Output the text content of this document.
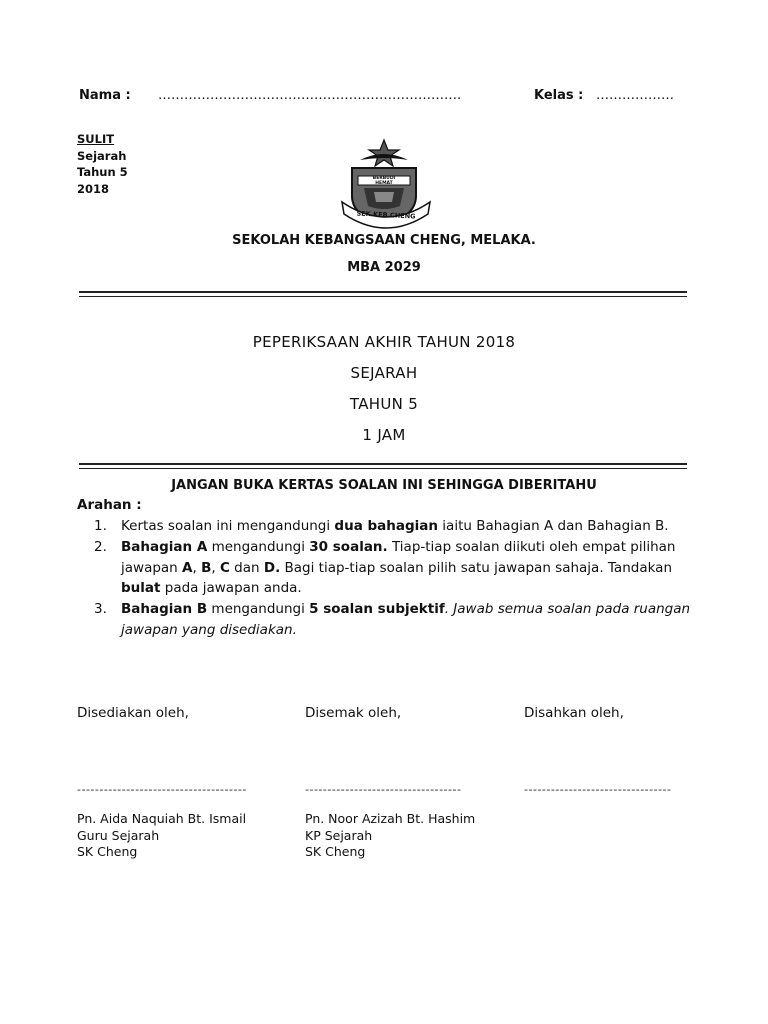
Nama : …………………………………………………………….	Kelas : ………………
SULIT
Sejarah
Tahun 5
2018
BERBUDI HEMAT
SEK.KEB.CHENG
SEKOLAH KEBANGSAAN CHENG, MELAKA.
MBA 2029
PEPERIKSAAN AKHIR TAHUN 2018
SEJARAH
TAHUN 5
1 JAM
JANGAN BUKA KERTAS SOALAN INI SEHINGGA DIBERITAHU
Arahan :
1. Kertas soalan ini mengandungi dua bahagian iaitu Bahagian A dan Bahagian B.
2. Bahagian A mengandungi 30 soalan. Tiap-tiap soalan diikuti oleh empat pilihan jawapan A, B, C dan D. Bagi tiap-tiap soalan pilih satu jawapan sahaja. Tandakan bulat pada jawapan anda.
3. Bahagian B mengandungi 5 soalan subjektif. Jawab semua soalan pada ruangan jawapan yang disediakan.
Disediakan oleh,	Disemak oleh,	Disahkan oleh,
--------------------------------------	-----------------------------------	---------------------------------
Pn. Aida Naquiah Bt. Ismail
Guru Sejarah
SK Cheng
Pn. Noor Azizah Bt. Hashim
KP Sejarah
SK Cheng
